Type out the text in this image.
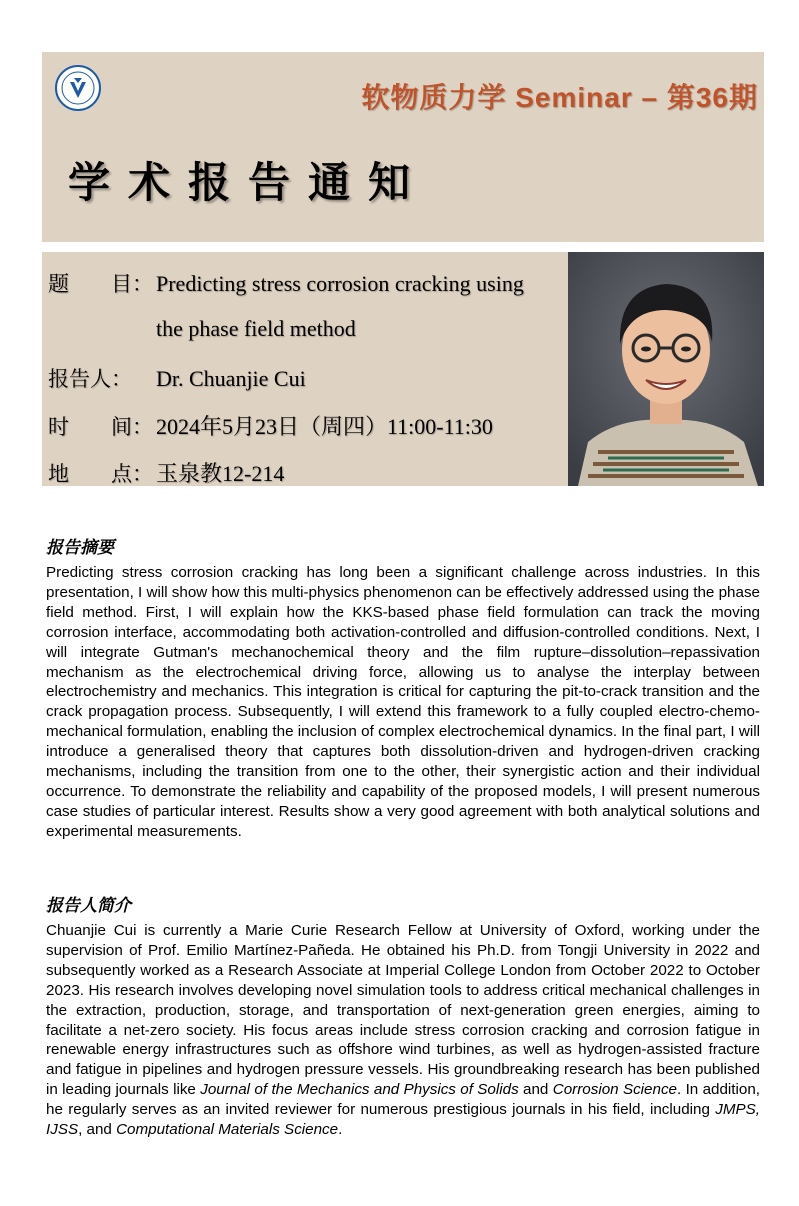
软物质力学 Seminar – 第36期
学术报告通知
题　　目： Predicting stress corrosion cracking using
the phase field method
报告人： Dr. Chuanjie Cui
时　　间： 2024年5月23日（周四）11:00-11:30
地　　点： 玉泉教12-214
报告摘要
Predicting stress corrosion cracking has long been a significant challenge across industries. In this presentation, I will show how this multi-physics phenomenon can be effectively addressed using the phase field method. First, I will explain how the KKS-based phase field formulation can track the moving corrosion interface, accommodating both activation-controlled and diffusion-controlled conditions. Next, I will integrate Gutman's mechanochemical theory and the film rupture–dissolution–repassivation mechanism as the electrochemical driving force, allowing us to analyse the interplay between electrochemistry and mechanics. This integration is critical for capturing the pit-to-crack transition and the crack propagation process. Subsequently, I will extend this framework to a fully coupled electro-chemo-mechanical formulation, enabling the inclusion of complex electrochemical dynamics. In the final part, I will introduce a generalised theory that captures both dissolution-driven and hydrogen-driven cracking mechanisms, including the transition from one to the other, their synergistic action and their individual occurrence. To demonstrate the reliability and capability of the proposed models, I will present numerous case studies of particular interest. Results show a very good agreement with both analytical solutions and experimental measurements.
报告人简介
Chuanjie Cui is currently a Marie Curie Research Fellow at University of Oxford, working under the supervision of Prof. Emilio Martínez-Pañeda. He obtained his Ph.D. from Tongji University in 2022 and subsequently worked as a Research Associate at Imperial College London from October 2022 to October 2023. His research involves developing novel simulation tools to address critical mechanical challenges in the extraction, production, storage, and transportation of next-generation green energies, aiming to facilitate a net-zero society. His focus areas include stress corrosion cracking and corrosion fatigue in renewable energy infrastructures such as offshore wind turbines, as well as hydrogen-assisted fracture and fatigue in pipelines and hydrogen pressure vessels. His groundbreaking research has been published in leading journals like Journal of the Mechanics and Physics of Solids and Corrosion Science. In addition, he regularly serves as an invited reviewer for numerous prestigious journals in his field, including JMPS, IJSS, and Computational Materials Science.
